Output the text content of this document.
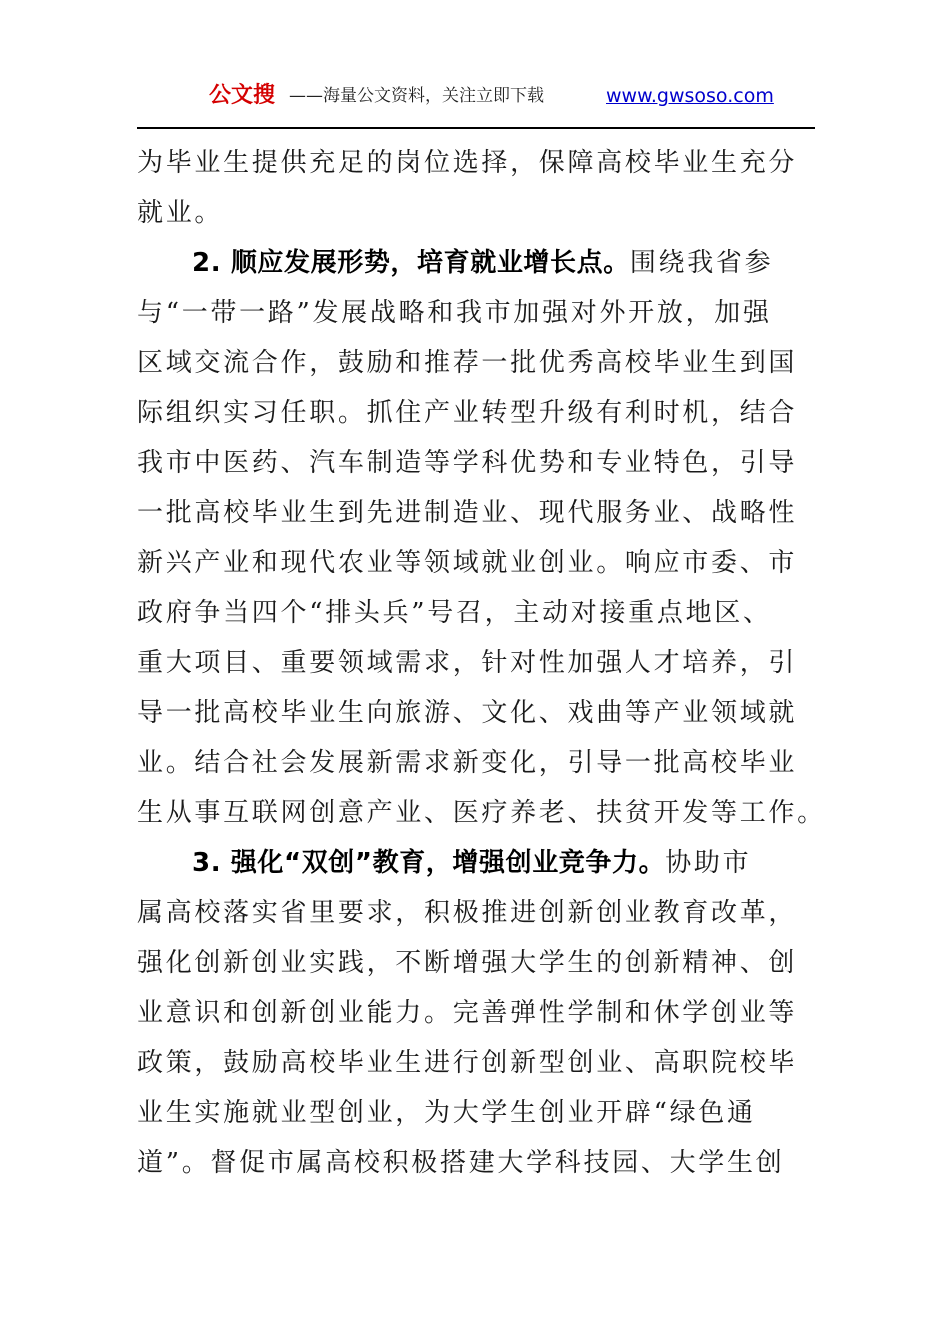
公文搜 ——海量公文资料，关注立即下载	www.gwsoso.com
为毕业生提供充足的岗位选择，保障高校毕业生充分
就业。
2. 顺应发展形势，培育就业增长点。围绕我省参
与“一带一路”发展战略和我市加强对外开放，加强
区域交流合作，鼓励和推荐一批优秀高校毕业生到国
际组织实习任职。抓住产业转型升级有利时机，结合
我市中医药、汽车制造等学科优势和专业特色，引导
一批高校毕业生到先进制造业、现代服务业、战略性
新兴产业和现代农业等领域就业创业。响应市委、市
政府争当四个“排头兵”号召，主动对接重点地区、
重大项目、重要领域需求，针对性加强人才培养，引
导一批高校毕业生向旅游、文化、戏曲等产业领域就
业。结合社会发展新需求新变化，引导一批高校毕业
生从事互联网创意产业、医疗养老、扶贫开发等工作。
3. 强化“双创”教育，增强创业竞争力。协助市
属高校落实省里要求，积极推进创新创业教育改革，
强化创新创业实践，不断增强大学生的创新精神、创
业意识和创新创业能力。完善弹性学制和休学创业等
政策，鼓励高校毕业生进行创新型创业、高职院校毕
业生实施就业型创业，为大学生创业开辟“绿色通
道”。督促市属高校积极搭建大学科技园、大学生创
